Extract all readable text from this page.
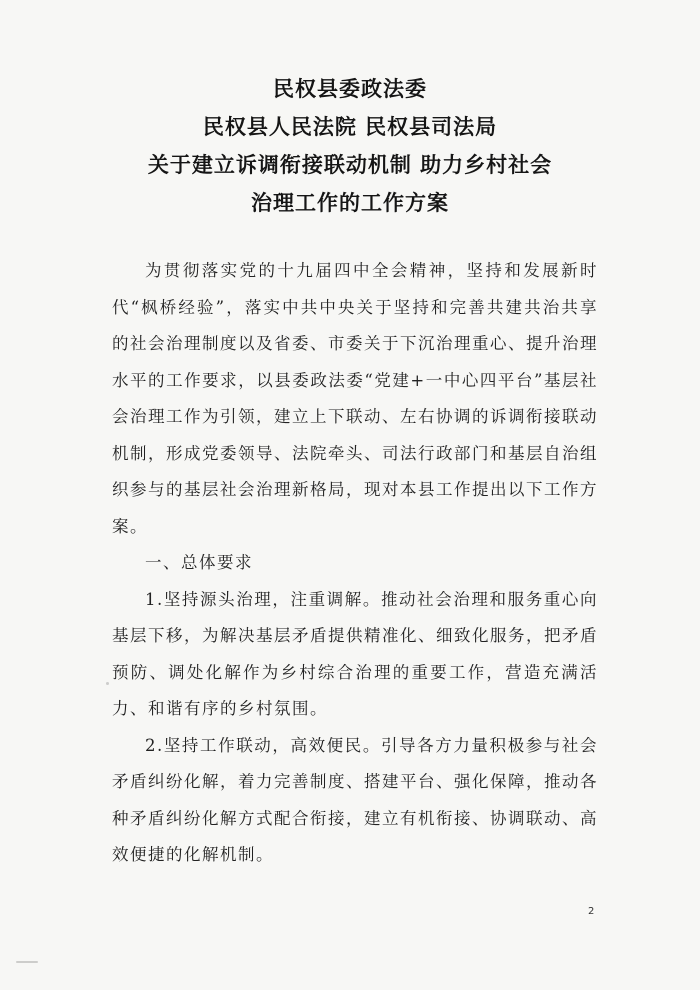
民权县委政法委
民权县人民法院 民权县司法局
关于建立诉调衔接联动机制 助力乡村社会
治理工作的工作方案

为贯彻落实党的十九届四中全会精神，坚持和发展新时代“枫桥经验”，落实中共中央关于坚持和完善共建共治共享的社会治理制度以及省委、市委关于下沉治理重心、提升治理水平的工作要求，以县委政法委“党建+一中心四平台”基层社会治理工作为引领，建立上下联动、左右协调的诉调衔接联动机制，形成党委领导、法院牵头、司法行政部门和基层自治组织参与的基层社会治理新格局，现对本县工作提出以下工作方案。

一、总体要求

1.坚持源头治理，注重调解。推动社会治理和服务重心向基层下移，为解决基层矛盾提供精准化、细致化服务，把矛盾预防、调处化解作为乡村综合治理的重要工作，营造充满活力、和谐有序的乡村氛围。

2.坚持工作联动，高效便民。引导各方力量积极参与社会矛盾纠纷化解，着力完善制度、搭建平台、强化保障，推动各种矛盾纠纷化解方式配合衔接，建立有机衔接、协调联动、高效便捷的化解机制。

2
